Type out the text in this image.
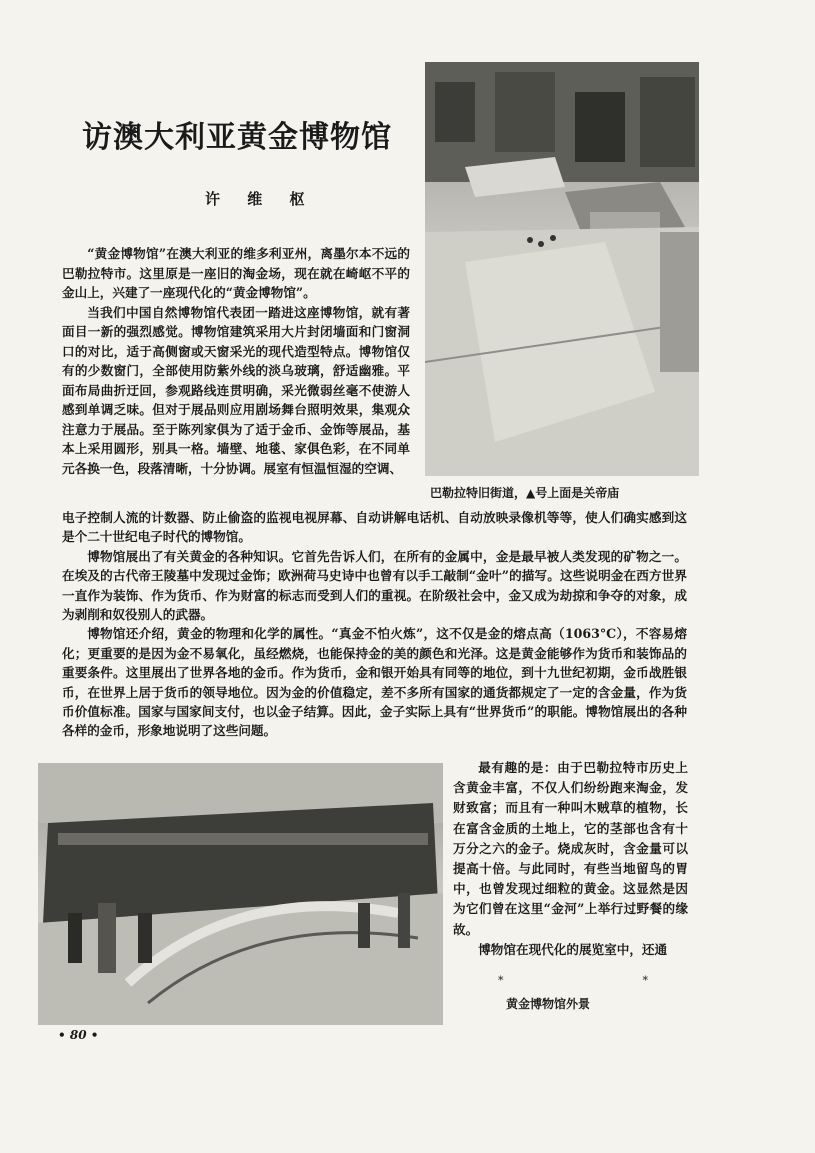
访澳大利亚黄金博物馆
许 维 枢

“黄金博物馆”在澳大利亚的维多利亚州，离墨尔本不远的巴勒拉特市。这里原是一座旧的淘金场，现在就在崎岖不平的金山上，兴建了一座现代化的“黄金博物馆”。

当我们中国自然博物馆代表团一踏进这座博物馆，就有著面目一新的强烈感觉。博物馆建筑采用大片封闭墙面和门窗洞口的对比，适于高侧窗或天窗采光的现代造型特点。博物馆仅有的少数窗门，全部使用防紫外线的淡乌玻璃，舒适幽雅。平面布局曲折迂回，参观路线连贯明确，采光微弱丝毫不使游人感到单调乏味。但对于展品则应用剧场舞台照明效果，集观众注意力于展品。至于陈列家俱为了适于金币、金饰等展品，基本上采用圆形，别具一格。墙壁、地毯、家俱色彩，在不同单元各换一色，段落清晰，十分协调。展室有恒温恒湿的空调、

巴勒拉特旧街道，▲号上面是关帝庙

电子控制人流的计数器、防止偷盗的监视电视屏幕、自动讲解电话机、自动放映录像机等等，使人们确实感到这是个二十世纪电子时代的博物馆。

博物馆展出了有关黄金的各种知识。它首先告诉人们，在所有的金属中，金是最早被人类发现的矿物之一。在埃及的古代帝王陵墓中发现过金饰；欧洲荷马史诗中也曾有以手工敲制“金叶”的描写。这些说明金在西方世界一直作为装饰、作为货币、作为财富的标志而受到人们的重视。在阶级社会中，金又成为劫掠和争夺的对象，成为剥削和奴役别人的武器。

博物馆还介绍，黄金的物理和化学的属性。“真金不怕火炼”，这不仅是金的熔点高（1063°C），不容易熔化；更重要的是因为金不易氧化，虽经燃烧，也能保持金的美的颜色和光泽。这是黄金能够作为货币和装饰品的重要条件。这里展出了世界各地的金币。作为货币，金和银开始具有同等的地位，到十九世纪初期，金币战胜银币，在世界上居于货币的领导地位。因为金的价值稳定，差不多所有国家的通货都规定了一定的含金量，作为货币价值标准。国家与国家间支付，也以金子结算。因此，金子实际上具有“世界货币”的职能。博物馆展出的各种各样的金币，形象地说明了这些问题。

最有趣的是：由于巴勒拉特市历史上含黄金丰富，不仅人们纷纷跑来淘金，发财致富；而且有一种叫木贼草的植物，长在富含金质的土地上，它的茎部也含有十万分之六的金子。烧成灰时，含金量可以提高十倍。与此同时，有些当地留鸟的胃中，也曾发现过细粒的黄金。这显然是因为它们曾在这里“金河”上举行过野餐的缘故。

博物馆在现代化的展览室中，还通

*	*
黄金博物馆外景
• 80 •
